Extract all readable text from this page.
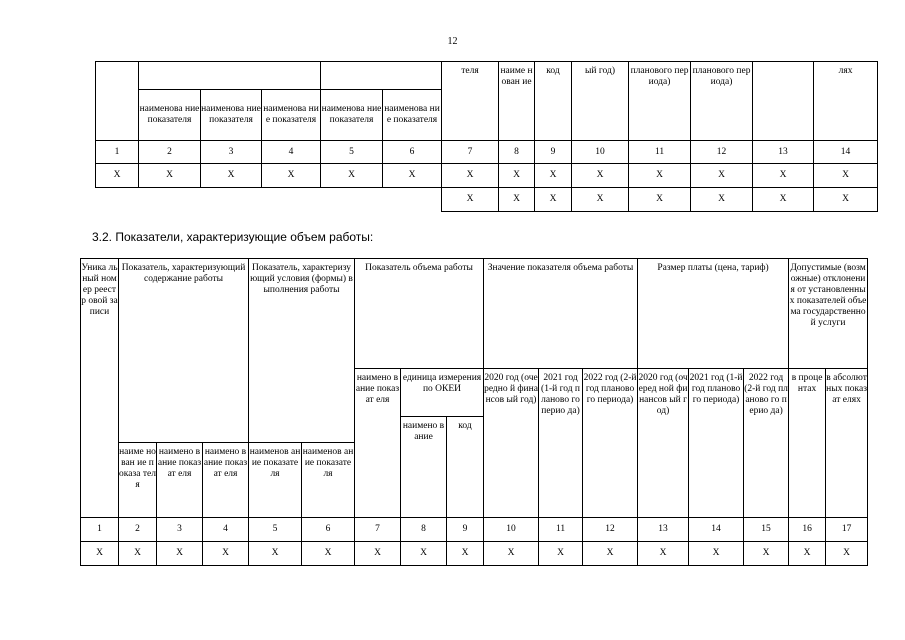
12

						теля	наиме нован ие	код	ый год)	планового периода)	планового периода)		лях

	наименова ние показателя	наименова ние показателя	наименова ние показателя	наименова ние показателя	наименова ние показателя								
1	2	3	4	5	6	7	8	9	10	11	12	13	14
Х	Х	Х	Х	Х	Х	Х	Х	Х	Х	Х	Х	Х	Х
						Х	Х	Х	Х	Х	Х	Х	Х
3.2. Показатели, характеризующие объем работы:
Уника льный номер реестр овой записи	Показатель, характеризующий содержание работы			Показатель, характеризующий условия (формы) выполнения работы		Показатель объема работы			Значение показателя объема работы			Размер платы (цена, тариф)			Допустимые (возможные) отклонения от установленных показателей объема государственно й услуги	

						наимено вание показат еля	единица измерения по ОКЕИ		2020 год (очередно й финансов ый год)	2021 год (1-й год планово го перио да)	2022 год (2-й год планово го периода)	2020 год (очеред ной финансов ый год)	2021 год (1-й год планово го периода)	2022 год (2-й год планово го перио да)	в проце нтах	в абсолют ных показат елях

							наимено вание	код								

	наиме нован ие показа теля	наимено вание показат еля	наимено вание показат еля	наименов ание показате ля	наименов ание показате ля											

1	2	3	4	5	6	7	8	9	10	11	12	13	14	15	16	17
Х	Х	Х	Х	Х	Х	Х	Х	Х	Х	Х	Х	Х	Х	Х	Х	Х
